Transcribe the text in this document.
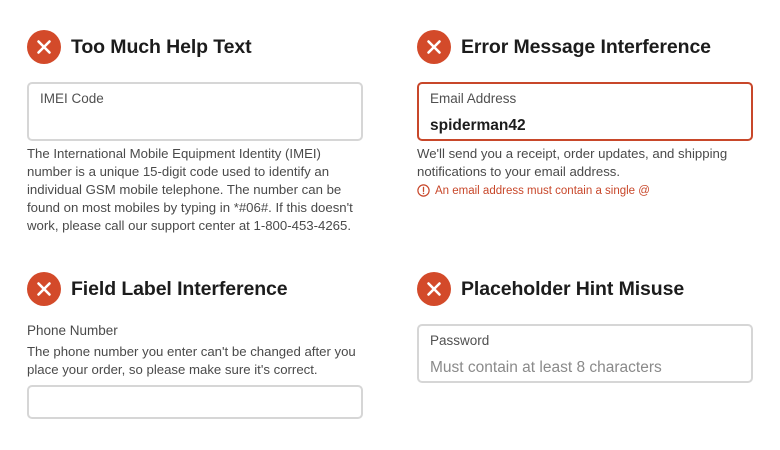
Too Much Help Text
IMEI Code
The International Mobile Equipment Identity (IMEI)
number is a unique 15-digit code used to identify an
individual GSM mobile telephone. The number can be
found on most mobiles by typing in *#06#. If this doesn't
work, please call our support center at 1-800-453-4265.
Error Message Interference
Email Address
spiderman42
We'll send you a receipt, order updates, and shipping
notifications to your email address.
An email address must contain a single @
Field Label Interference
Phone Number
The phone number you enter can't be changed after you
place your order, so please make sure it's correct.
Placeholder Hint Misuse
Password
Must contain at least 8 characters
